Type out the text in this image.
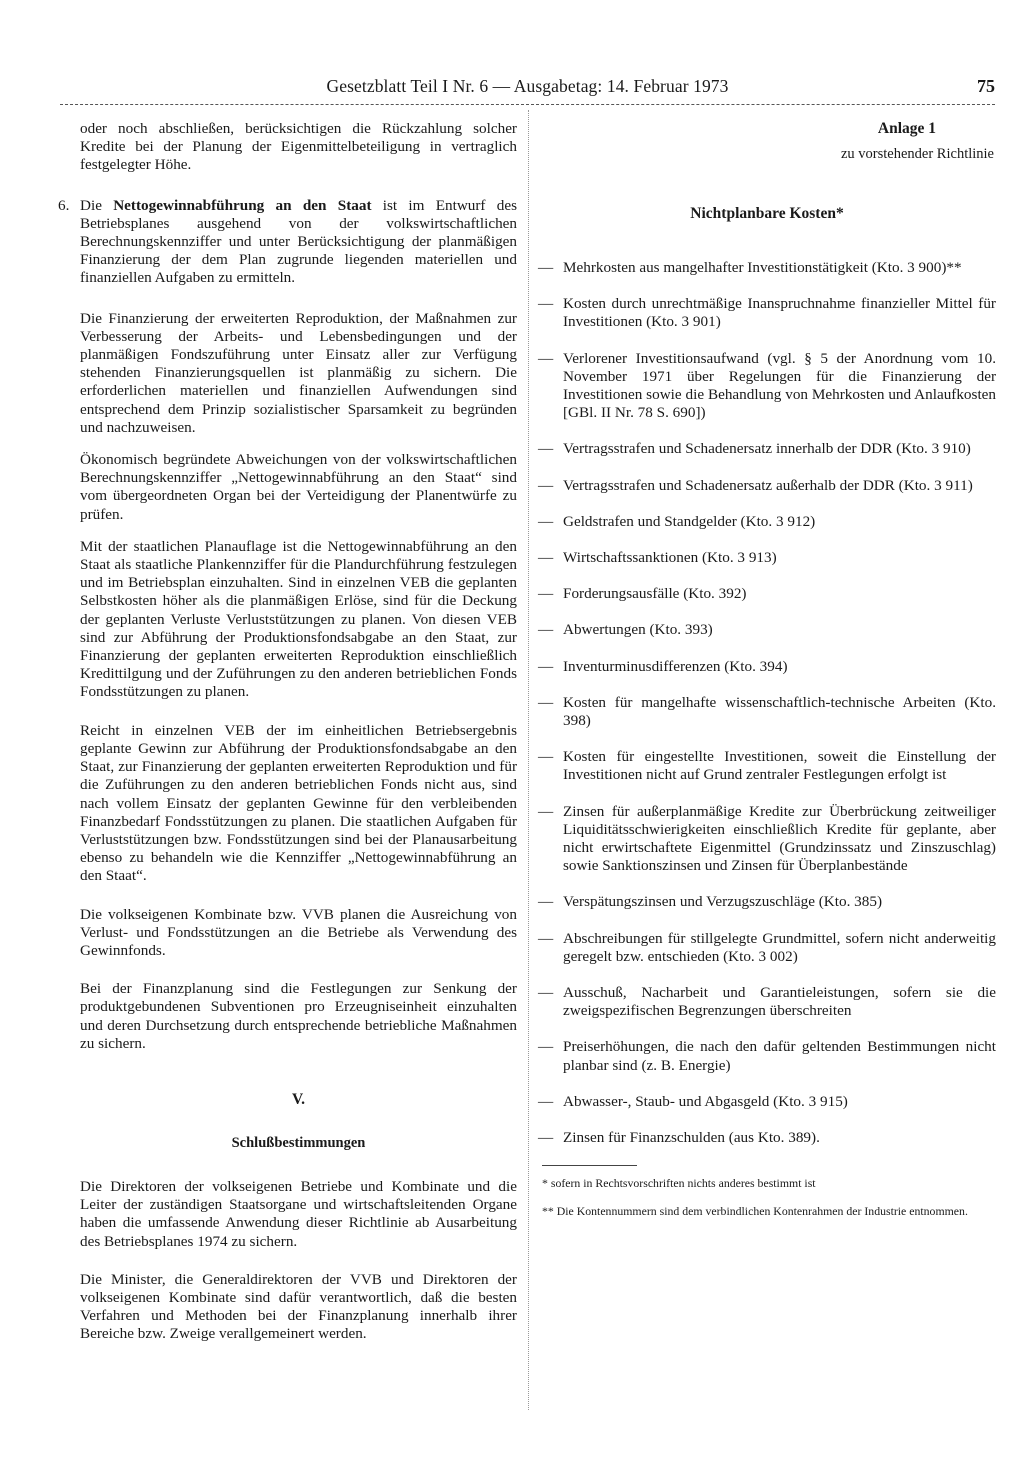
Gesetzblatt Teil I Nr. 6 — Ausgabetag: 14. Februar 1973	75

oder noch abschließen, berücksichtigen die Rückzahlung solcher Kredite bei der Planung der Eigenmittelbeteiligung in vertraglich festgelegter Höhe.

6. Die Nettogewinnabführung an den Staat ist im Entwurf des Betriebsplanes ausgehend von der volkswirtschaftlichen Berechnungskennziffer und unter Berücksichtigung der planmäßigen Finanzierung der dem Plan zugrunde liegenden materiellen und finanziellen Aufgaben zu ermitteln.

Die Finanzierung der erweiterten Reproduktion, der Maßnahmen zur Verbesserung der Arbeits- und Lebensbedingungen und der planmäßigen Fondszuführung unter Einsatz aller zur Verfügung stehenden Finanzierungsquellen ist planmäßig zu sichern. Die erforderlichen materiellen und finanziellen Aufwendungen sind entsprechend dem Prinzip sozialistischer Sparsamkeit zu begründen und nachzuweisen.

Ökonomisch begründete Abweichungen von der volkswirtschaftlichen Berechnungskennziffer „Nettogewinnabführung an den Staat“ sind vom übergeordneten Organ bei der Verteidigung der Planentwürfe zu prüfen.

Mit der staatlichen Planauflage ist die Nettogewinnabführung an den Staat als staatliche Plankennziffer für die Plandurchführung festzulegen und im Betriebsplan einzuhalten. Sind in einzelnen VEB die geplanten Selbstkosten höher als die planmäßigen Erlöse, sind für die Deckung der geplanten Verluste Verluststützungen zu planen. Von diesen VEB sind zur Abführung der Produktionsfondsabgabe an den Staat, zur Finanzierung der geplanten erweiterten Reproduktion einschließlich Kredittilgung und der Zuführungen zu den anderen betrieblichen Fonds Fondsstützungen zu planen.

Reicht in einzelnen VEB der im einheitlichen Betriebsergebnis geplante Gewinn zur Abführung der Produktionsfondsabgabe an den Staat, zur Finanzierung der geplanten erweiterten Reproduktion und für die Zuführungen zu den anderen betrieblichen Fonds nicht aus, sind nach vollem Einsatz der geplanten Gewinne für den verbleibenden Finanzbedarf Fondsstützungen zu planen. Die staatlichen Aufgaben für Verluststützungen bzw. Fondsstützungen sind bei der Planausarbeitung ebenso zu behandeln wie die Kennziffer „Nettogewinnabführung an den Staat“.

Die volkseigenen Kombinate bzw. VVB planen die Ausreichung von Verlust- und Fondsstützungen an die Betriebe als Verwendung des Gewinnfonds.

Bei der Finanzplanung sind die Festlegungen zur Senkung der produktgebundenen Subventionen pro Erzeugniseinheit einzuhalten und deren Durchsetzung durch entsprechende betriebliche Maßnahmen zu sichern.

V.
Schlußbestimmungen

Die Direktoren der volkseigenen Betriebe und Kombinate und die Leiter der zuständigen Staatsorgane und wirtschaftsleitenden Organe haben die umfassende Anwendung dieser Richtlinie ab Ausarbeitung des Betriebsplanes 1974 zu sichern.

Die Minister, die Generaldirektoren der VVB und Direktoren der volkseigenen Kombinate sind dafür verantwortlich, daß die besten Verfahren und Methoden bei der Finanzplanung innerhalb ihrer Bereiche bzw. Zweige verallgemeinert werden.

Anlage 1
zu vorstehender Richtlinie
Nichtplanbare Kosten*
— Mehrkosten aus mangelhafter Investitionstätigkeit (Kto. 3 900)**
— Kosten durch unrechtmäßige Inanspruchnahme finanzieller Mittel für Investitionen (Kto. 3 901)
— Verlorener Investitionsaufwand (vgl. § 5 der Anordnung vom 10. November 1971 über Regelungen für die Finanzierung der Investitionen sowie die Behandlung von Mehrkosten und Anlaufkosten [GBl. II Nr. 78 S. 690])
— Vertragsstrafen und Schadenersatz innerhalb der DDR (Kto. 3 910)
— Vertragsstrafen und Schadenersatz außerhalb der DDR (Kto. 3 911)
— Geldstrafen und Standgelder (Kto. 3 912)
— Wirtschaftssanktionen (Kto. 3 913)
— Forderungsausfälle (Kto. 392)
— Abwertungen (Kto. 393)
— Inventurminusdifferenzen (Kto. 394)
— Kosten für mangelhafte wissenschaftlich-technische Arbeiten (Kto. 398)
— Kosten für eingestellte Investitionen, soweit die Einstellung der Investitionen nicht auf Grund zentraler Festlegungen erfolgt ist
— Zinsen für außerplanmäßige Kredite zur Überbrückung zeitweiliger Liquiditätsschwierigkeiten einschließlich Kredite für geplante, aber nicht erwirtschaftete Eigenmittel (Grundzinssatz und Zinszuschlag) sowie Sanktionszinsen und Zinsen für Überplanbestände
— Verspätungszinsen und Verzugszuschläge (Kto. 385)
— Abschreibungen für stillgelegte Grundmittel, sofern nicht anderweitig geregelt bzw. entschieden (Kto. 3 002)
— Ausschuß, Nacharbeit und Garantieleistungen, sofern sie die zweigspezifischen Begrenzungen überschreiten
— Preiserhöhungen, die nach den dafür geltenden Bestimmungen nicht planbar sind (z. B. Energie)
— Abwasser-, Staub- und Abgasgeld (Kto. 3 915)
— Zinsen für Finanzschulden (aus Kto. 389).

* sofern in Rechtsvorschriften nichts anderes bestimmt ist

** Die Kontennummern sind dem verbindlichen Kontenrahmen der Industrie entnommen.
